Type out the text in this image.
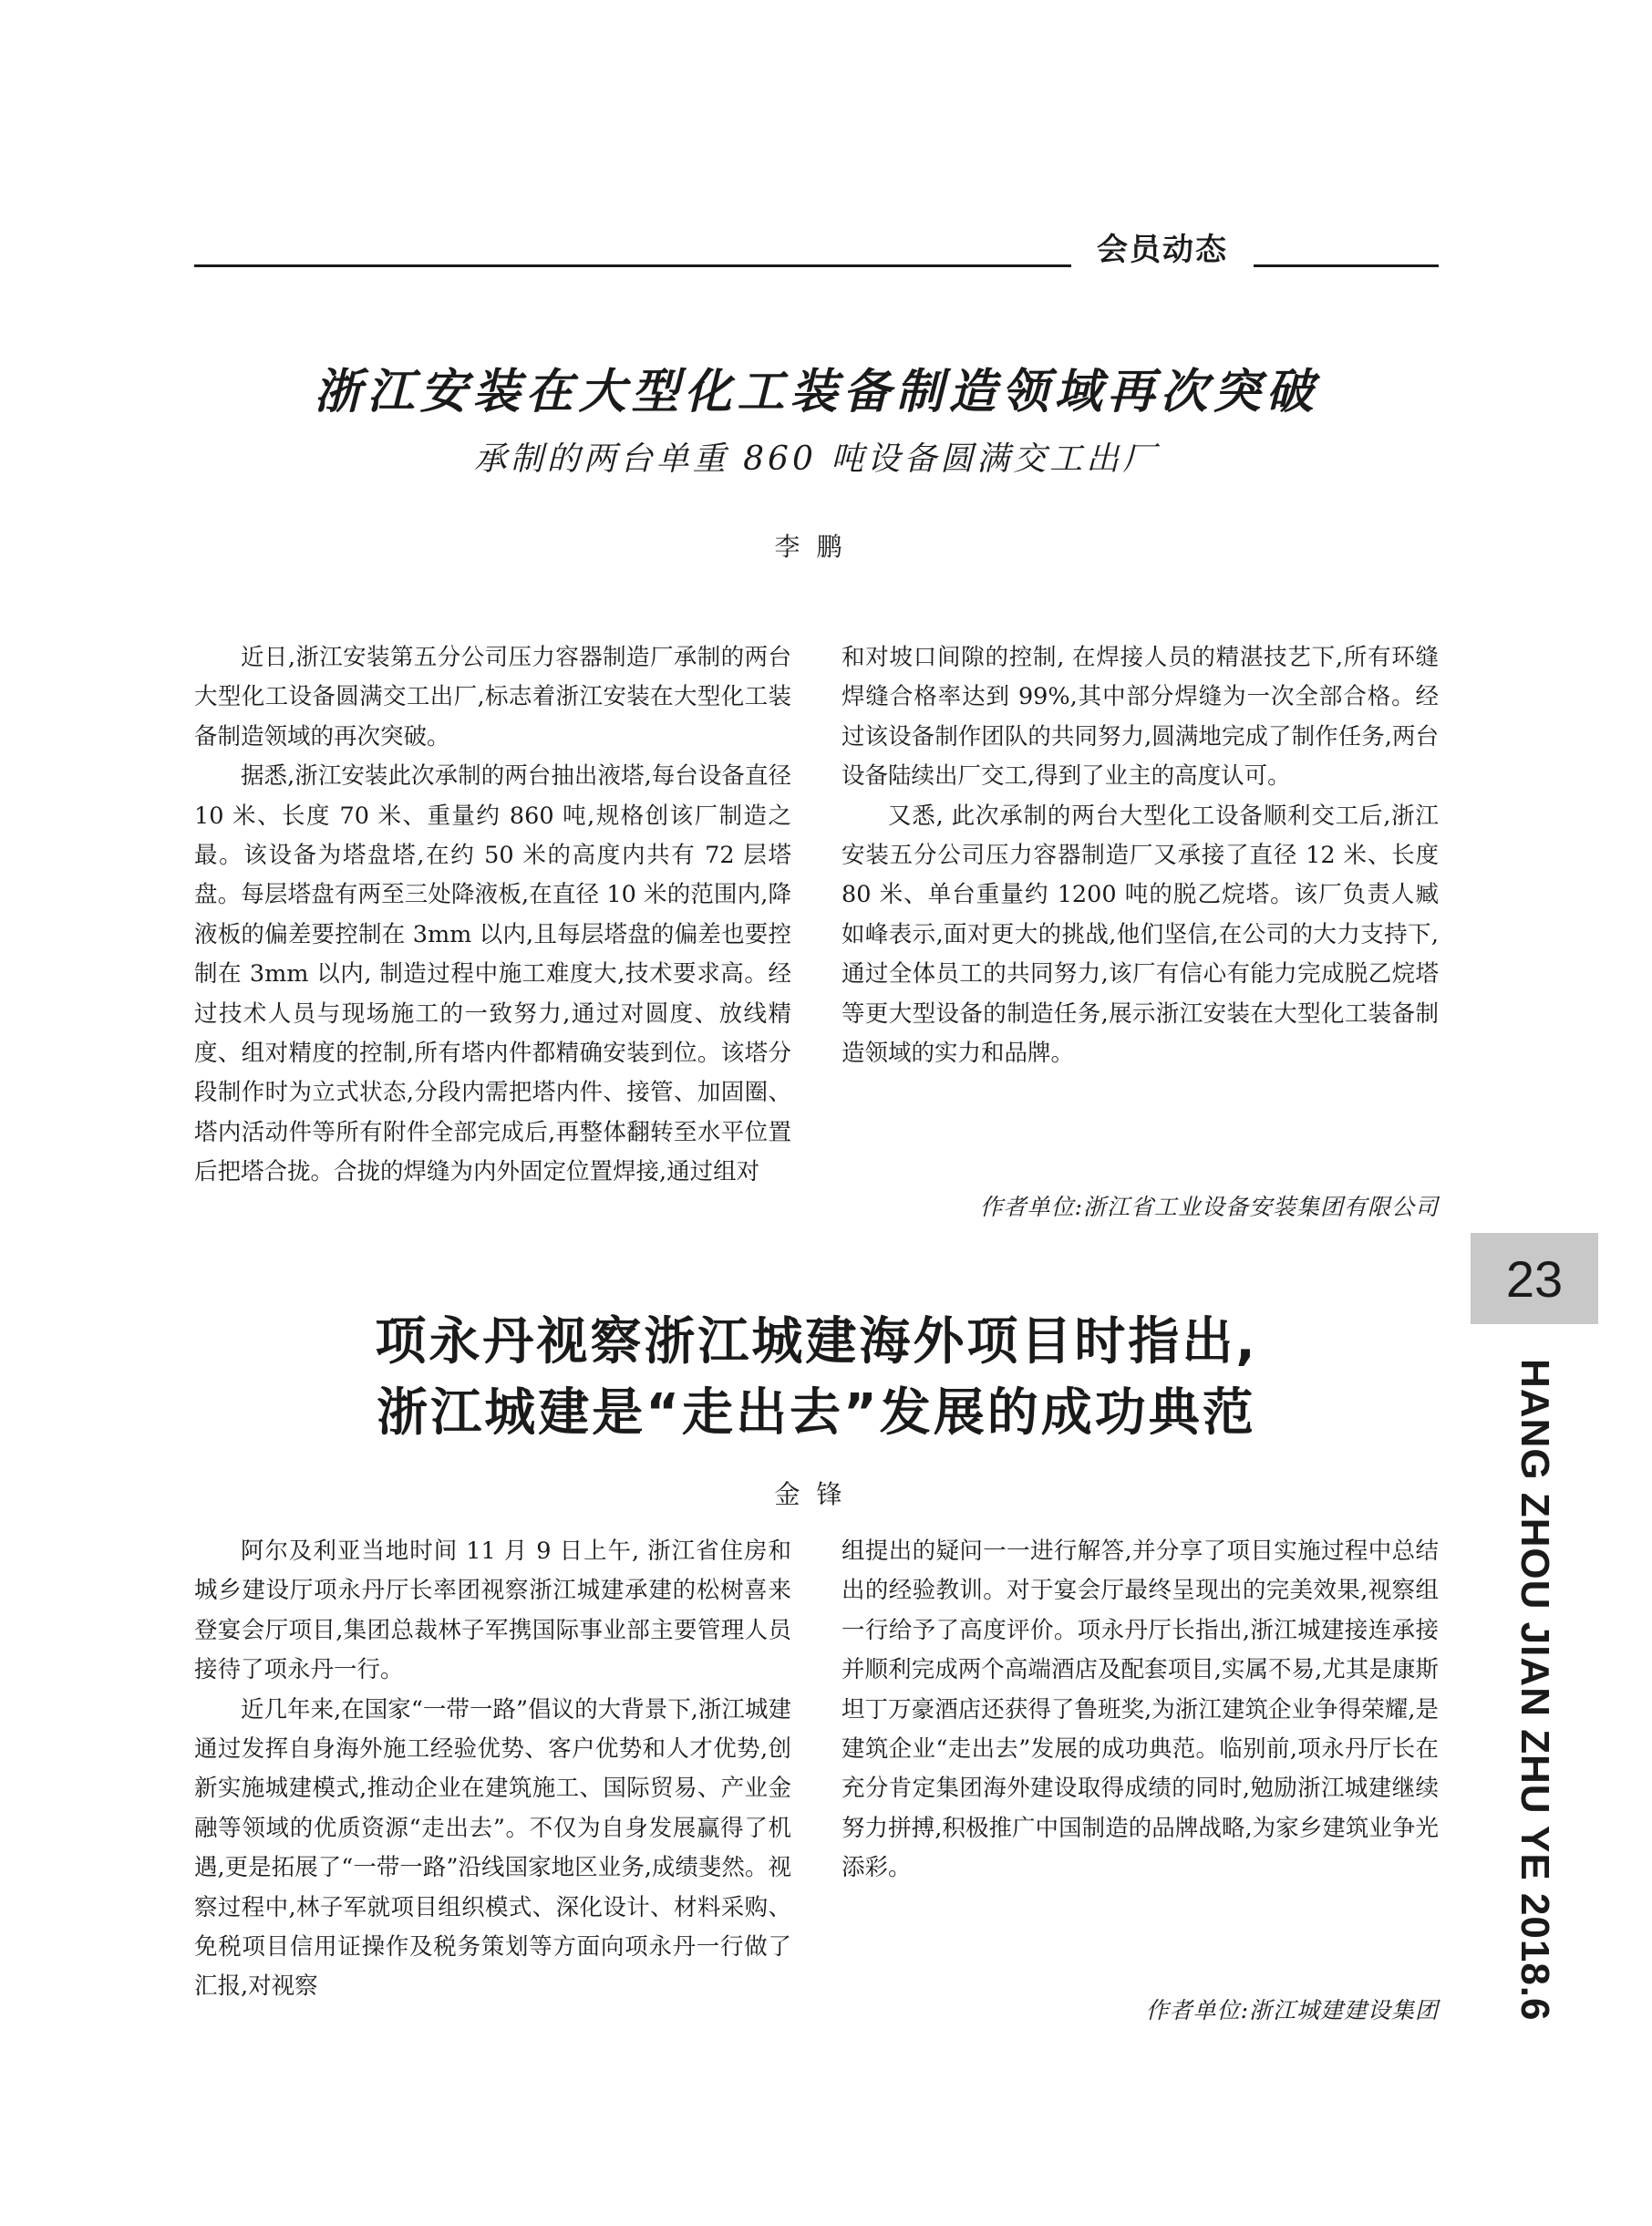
会员动态
浙江安装在大型化工装备制造领域再次突破
承制的两台单重 860 吨设备圆满交工出厂
李鹏

近日,浙江安装第五分公司压力容器制造厂承制的两台大型化工设备圆满交工出厂,标志着浙江安装在大型化工装备制造领域的再次突破。

据悉,浙江安装此次承制的两台抽出液塔,每台设备直径 10 米、长度 70 米、重量约 860 吨,规格创该厂制造之最。该设备为塔盘塔,在约 50 米的高度内共有 72 层塔盘。每层塔盘有两至三处降液板,在直径 10 米的范围内,降液板的偏差要控制在 3mm 以内,且每层塔盘的偏差也要控制在 3mm 以内, 制造过程中施工难度大,技术要求高。经过技术人员与现场施工的一致努力,通过对圆度、放线精度、组对精度的控制,所有塔内件都精确安装到位。该塔分段制作时为立式状态,分段内需把塔内件、接管、加固圈、塔内活动件等所有附件全部完成后,再整体翻转至水平位置后把塔合拢。合拢的焊缝为内外固定位置焊接,通过组对

和对坡口间隙的控制, 在焊接人员的精湛技艺下,所有环缝焊缝合格率达到 99%,其中部分焊缝为一次全部合格。经过该设备制作团队的共同努力,圆满地完成了制作任务,两台设备陆续出厂交工,得到了业主的高度认可。

又悉, 此次承制的两台大型化工设备顺利交工后,浙江安装五分公司压力容器制造厂又承接了直径 12 米、长度 80 米、单台重量约 1200 吨的脱乙烷塔。该厂负责人臧如峰表示,面对更大的挑战,他们坚信,在公司的大力支持下,通过全体员工的共同努力,该厂有信心有能力完成脱乙烷塔等更大型设备的制造任务,展示浙江安装在大型化工装备制造领域的实力和品牌。

作者单位:浙江省工业设备安装集团有限公司
项永丹视察浙江城建海外项目时指出,
浙江城建是“走出去”发展的成功典范
金锋

阿尔及利亚当地时间 11 月 9 日上午, 浙江省住房和城乡建设厅项永丹厅长率团视察浙江城建承建的松树喜来登宴会厅项目,集团总裁林子军携国际事业部主要管理人员接待了项永丹一行。

近几年来,在国家“一带一路”倡议的大背景下,浙江城建通过发挥自身海外施工经验优势、客户优势和人才优势,创新实施城建模式,推动企业在建筑施工、国际贸易、产业金融等领域的优质资源“走出去”。不仅为自身发展赢得了机遇,更是拓展了“一带一路”沿线国家地区业务,成绩斐然。视察过程中,林子军就项目组织模式、深化设计、材料采购、免税项目信用证操作及税务策划等方面向项永丹一行做了汇报,对视察

组提出的疑问一一进行解答,并分享了项目实施过程中总结出的经验教训。对于宴会厅最终呈现出的完美效果,视察组一行给予了高度评价。项永丹厅长指出,浙江城建接连承接并顺利完成两个高端酒店及配套项目,实属不易,尤其是康斯坦丁万豪酒店还获得了鲁班奖,为浙江建筑企业争得荣耀,是建筑企业“走出去”发展的成功典范。临别前,项永丹厅长在充分肯定集团海外建设取得成绩的同时,勉励浙江城建继续努力拼搏,积极推广中国制造的品牌战略,为家乡建筑业争光添彩。

作者单位:浙江城建建设集团
23
HANG ZHOU JIAN ZHU YE 2018.6
